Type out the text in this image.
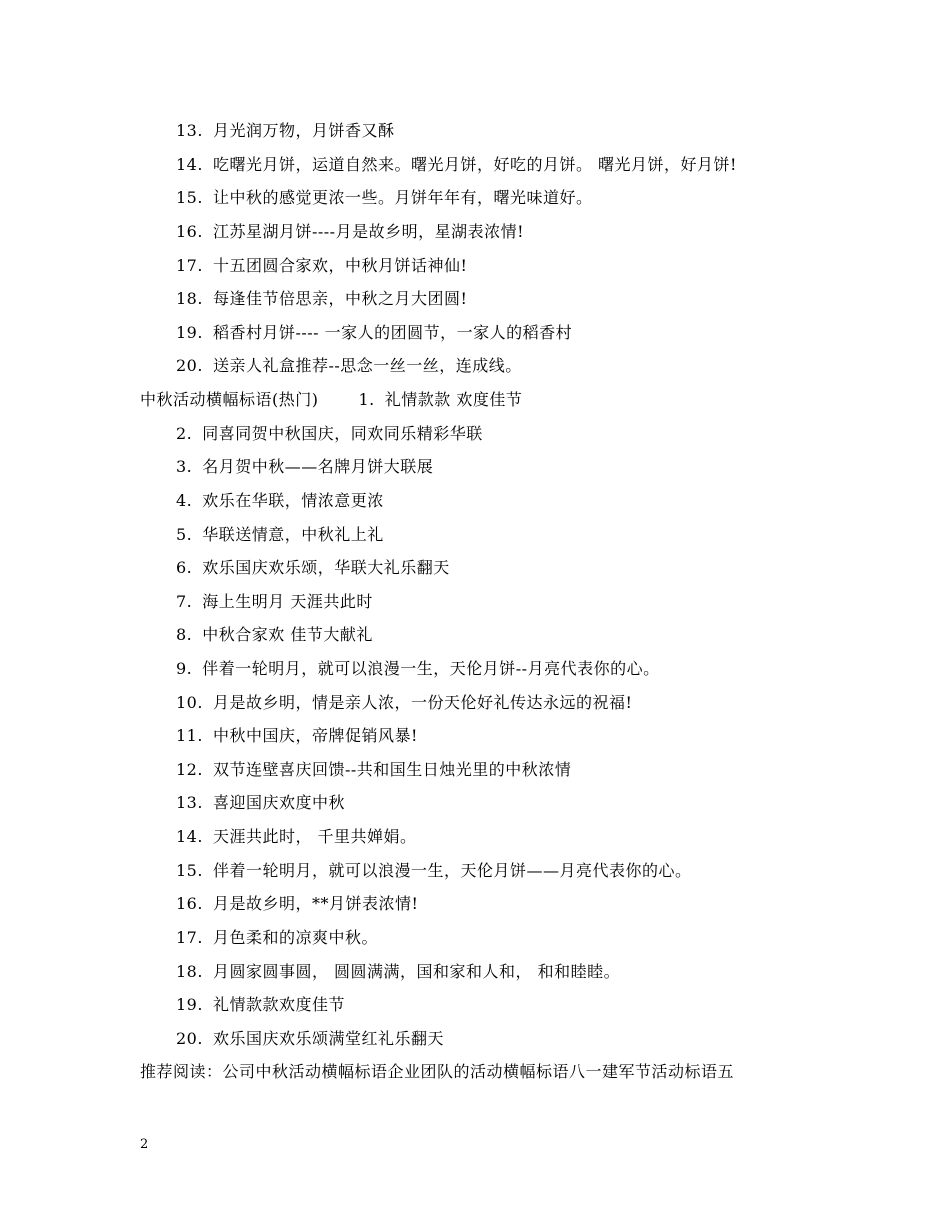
13. 月光润万物，月饼香又酥
14. 吃曙光月饼，运道自然来。曙光月饼，好吃的月饼。 曙光月饼，好月饼!
15. 让中秋的感觉更浓一些。月饼年年有，曙光味道好。
16. 江苏星湖月饼----月是故乡明，星湖表浓情!
17. 十五团圆合家欢，中秋月饼话神仙!
18. 每逢佳节倍思亲，中秋之月大团圆!
19. 稻香村月饼---- 一家人的团圆节，一家人的稻香村
20. 送亲人礼盒推荐--思念一丝一丝，连成线。
中秋活动横幅标语(热门)	1. 礼情款款 欢度佳节
2. 同喜同贺中秋国庆，同欢同乐精彩华联
3. 名月贺中秋——名牌月饼大联展
4. 欢乐在华联，情浓意更浓
5. 华联送情意，中秋礼上礼
6. 欢乐国庆欢乐颂，华联大礼乐翻天
7. 海上生明月 天涯共此时
8. 中秋合家欢 佳节大献礼
9. 伴着一轮明月，就可以浪漫一生，天伦月饼--月亮代表你的心。
10. 月是故乡明，情是亲人浓，一份天伦好礼传达永远的祝福!
11. 中秋中国庆，帝牌促销风暴!
12. 双节连壁喜庆回馈--共和国生日烛光里的中秋浓情
13. 喜迎国庆欢度中秋
14. 天涯共此时， 千里共婵娟。
15. 伴着一轮明月，就可以浪漫一生，天伦月饼——月亮代表你的心。
16. 月是故乡明，**月饼表浓情!
17. 月色柔和的凉爽中秋。
18. 月圆家圆事圆， 圆圆满满，国和家和人和， 和和睦睦。
19. 礼情款款欢度佳节
20. 欢乐国庆欢乐颂满堂红礼乐翻天
推荐阅读：公司中秋活动横幅标语企业团队的活动横幅标语八一建军节活动标语五
2
